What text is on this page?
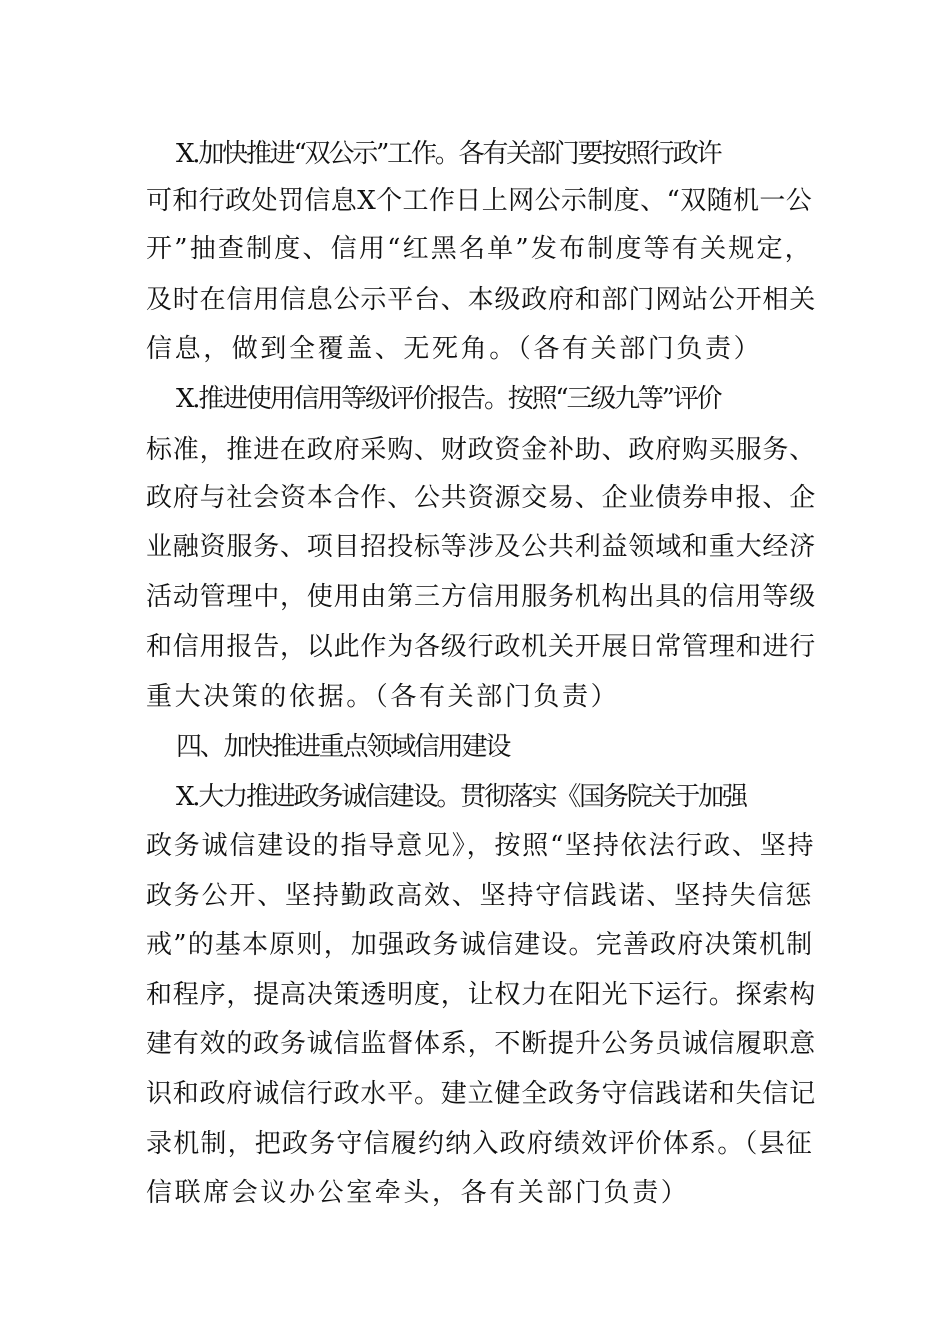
X.加快推进“双公示”工作。各有关部门要按照行政许
可和行政处罚信息X个工作日上网公示制度、“双随机一公
开”抽查制度、信用“红黑名单”发布制度等有关规定，
及时在信用信息公示平台、本级政府和部门网站公开相关
信息，做到全覆盖、无死角。（各有关部门负责）
X.推进使用信用等级评价报告。按照“三级九等”评价
标准，推进在政府采购、财政资金补助、政府购买服务、
政府与社会资本合作、公共资源交易、企业债券申报、企
业融资服务、项目招投标等涉及公共利益领域和重大经济
活动管理中，使用由第三方信用服务机构出具的信用等级
和信用报告，以此作为各级行政机关开展日常管理和进行
重大决策的依据。（各有关部门负责）
四、加快推进重点领域信用建设
X.大力推进政务诚信建设。贯彻落实《国务院关于加强
政务诚信建设的指导意见》，按照“坚持依法行政、坚持
政务公开、坚持勤政高效、坚持守信践诺、坚持失信惩
戒”的基本原则，加强政务诚信建设。完善政府决策机制
和程序，提高决策透明度，让权力在阳光下运行。探索构
建有效的政务诚信监督体系，不断提升公务员诚信履职意
识和政府诚信行政水平。建立健全政务守信践诺和失信记
录机制，把政务守信履约纳入政府绩效评价体系。（县征
信联席会议办公室牵头，各有关部门负责）
